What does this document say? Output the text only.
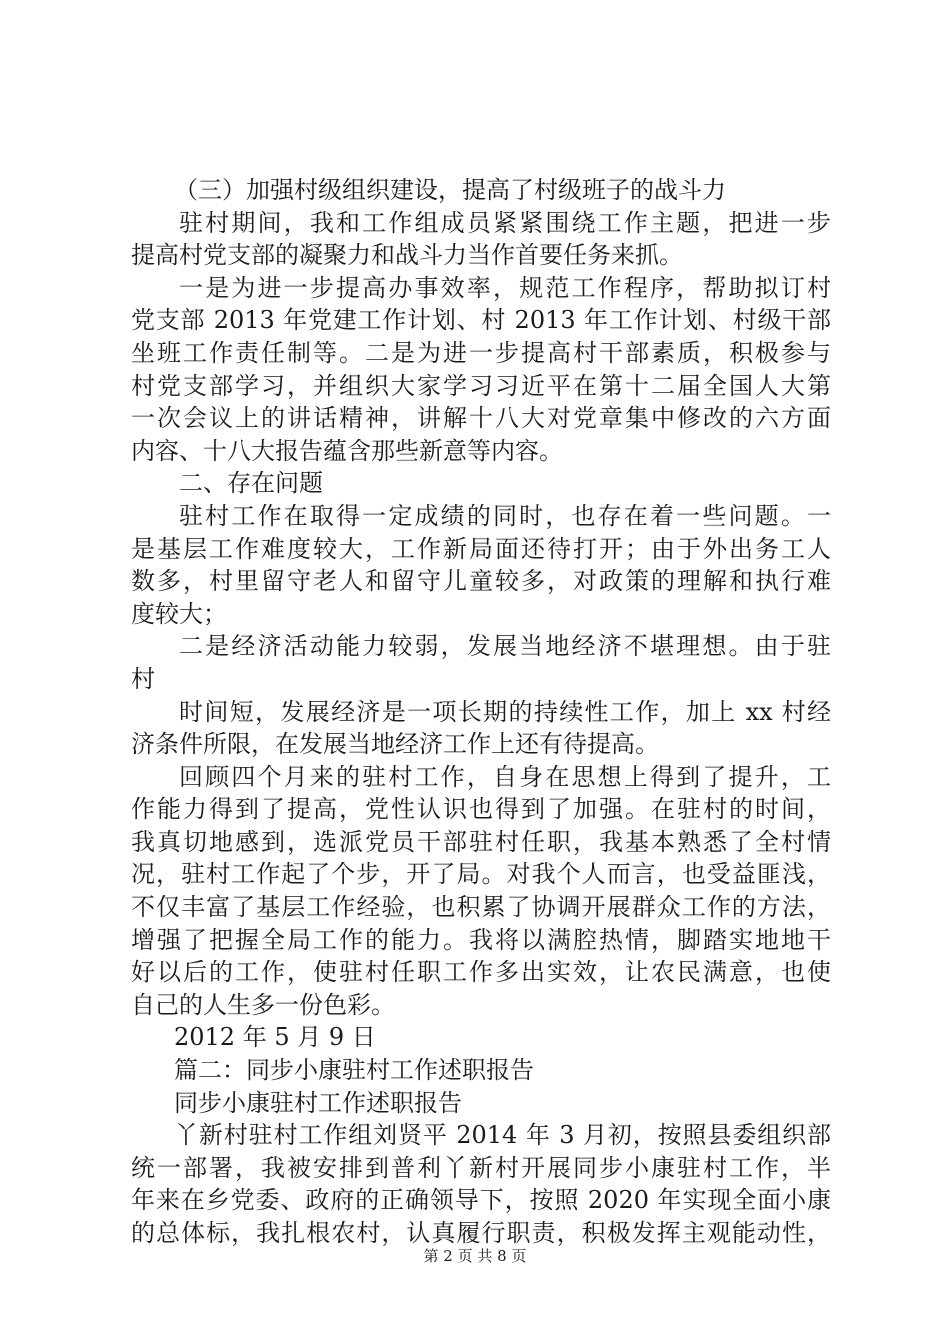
（三）加强村级组织建设，提高了村级班子的战斗力
驻村期间，我和工作组成员紧紧围绕工作主题，把进一步
提高村党支部的凝聚力和战斗力当作首要任务来抓。
一是为进一步提高办事效率，规范工作程序，帮助拟订村
党支部 2013 年党建工作计划、村 2013 年工作计划、村级干部
坐班工作责任制等。二是为进一步提高村干部素质，积极参与
村党支部学习，并组织大家学习习近平在第十二届全国人大第
一次会议上的讲话精神，讲解十八大对党章集中修改的六方面
内容、十八大报告蕴含那些新意等内容。
二、存在问题
驻村工作在取得一定成绩的同时，也存在着一些问题。一
是基层工作难度较大，工作新局面还待打开；由于外出务工人
数多，村里留守老人和留守儿童较多，对政策的理解和执行难
度较大；
二是经济活动能力较弱，发展当地经济不堪理想。由于驻
村
时间短，发展经济是一项长期的持续性工作，加上 xx 村经
济条件所限，在发展当地经济工作上还有待提高。
回顾四个月来的驻村工作，自身在思想上得到了提升，工
作能力得到了提高，党性认识也得到了加强。在驻村的时间，
我真切地感到，选派党员干部驻村任职，我基本熟悉了全村情
况，驻村工作起了个步，开了局。对我个人而言，也受益匪浅，
不仅丰富了基层工作经验，也积累了协调开展群众工作的方法，
增强了把握全局工作的能力。我将以满腔热情，脚踏实地地干
好以后的工作，使驻村任职工作多出实效，让农民满意，也使
自己的人生多一份色彩。
2012 年 5 月 9 日
篇二：同步小康驻村工作述职报告
同步小康驻村工作述职报告
丫新村驻村工作组刘贤平 2014 年 3 月初，按照县委组织部
统一部署，我被安排到普利丫新村开展同步小康驻村工作，半
年来在乡党委、政府的正确领导下，按照 2020 年实现全面小康
的总体标，我扎根农村，认真履行职责，积极发挥主观能动性，
第 2 页 共 8 页
